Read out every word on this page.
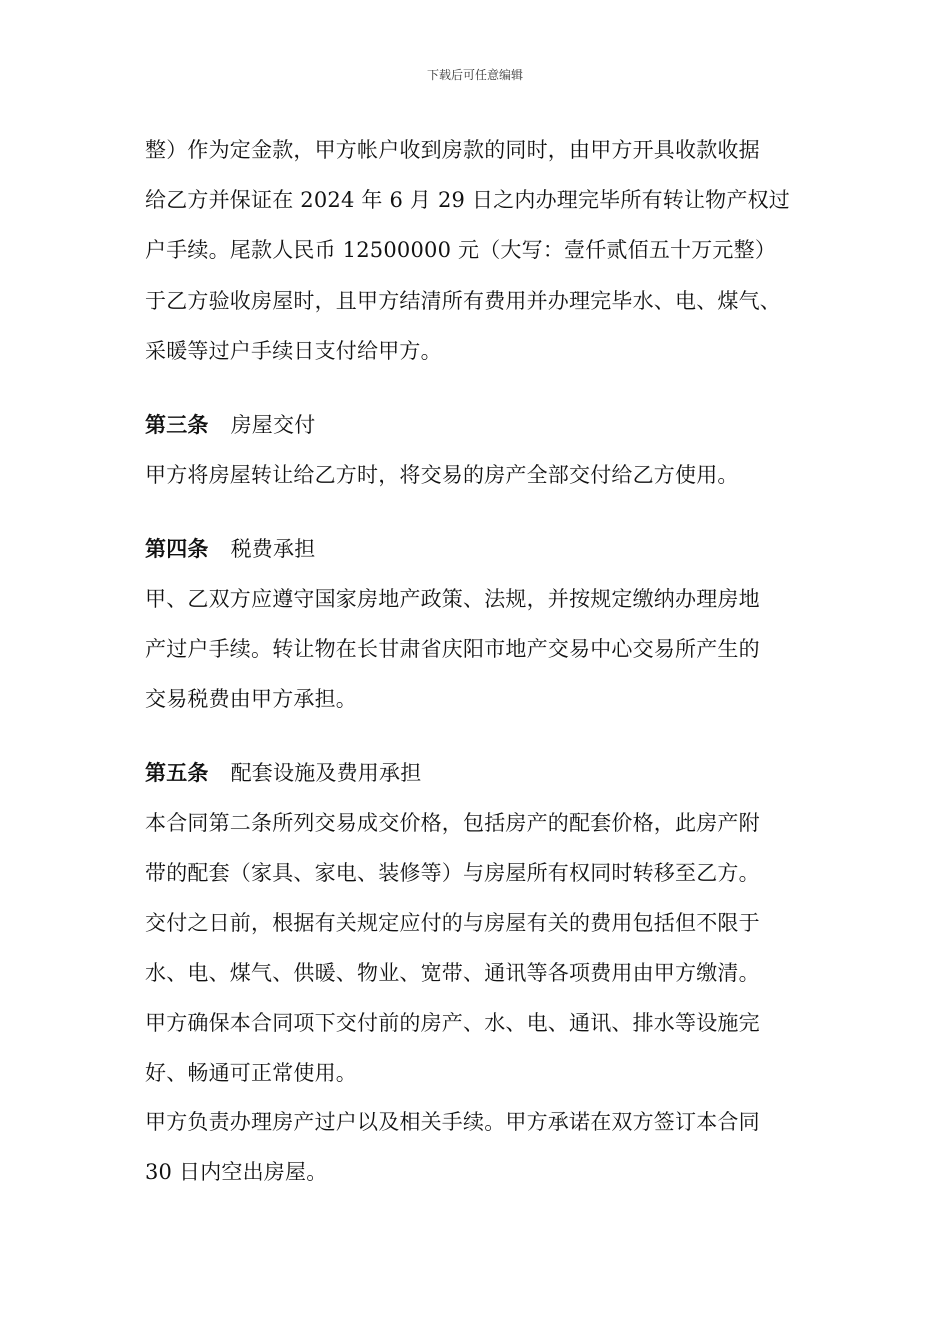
下载后可任意编辑
整）作为定金款，甲方帐户收到房款的同时，由甲方开具收款收据
给乙方并保证在 2024 年 6 月 29 日之内办理完毕所有转让物产权过
户手续。尾款人民币 12500000 元（大写：壹仟贰佰五十万元整）
于乙方验收房屋时，且甲方结清所有费用并办理完毕水、电、煤气、
采暖等过户手续日支付给甲方。
第三条 房屋交付
甲方将房屋转让给乙方时，将交易的房产全部交付给乙方使用。
第四条 税费承担
甲、乙双方应遵守国家房地产政策、法规，并按规定缴纳办理房地
产过户手续。转让物在长甘肃省庆阳市地产交易中心交易所产生的
交易税费由甲方承担。
第五条 配套设施及费用承担
本合同第二条所列交易成交价格，包括房产的配套价格，此房产附
带的配套（家具、家电、装修等）与房屋所有权同时转移至乙方。
交付之日前，根据有关规定应付的与房屋有关的费用包括但不限于
水、电、煤气、供暖、物业、宽带、通讯等各项费用由甲方缴清。
甲方确保本合同项下交付前的房产、水、电、通讯、排水等设施完
好、畅通可正常使用。
甲方负责办理房产过户以及相关手续。甲方承诺在双方签订本合同
30 日内空出房屋。
